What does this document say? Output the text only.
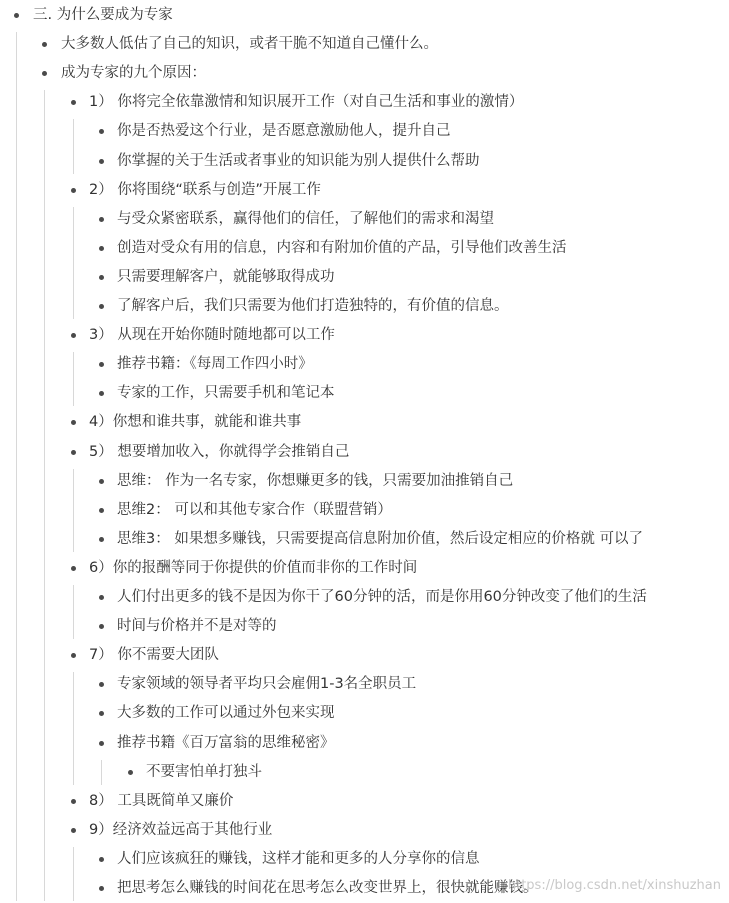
三. 为什么要成为专家
大多数人低估了自己的知识，或者干脆不知道自己懂什么。
成为专家的九个原因：
1） 你将完全依靠激情和知识展开工作（对自己生活和事业的激情）
你是否热爱这个行业，是否愿意激励他人，提升自己
你掌握的关于生活或者事业的知识能为别人提供什么帮助
2） 你将围绕“联系与创造”开展工作
与受众紧密联系，赢得他们的信任，了解他们的需求和渴望
创造对受众有用的信息，内容和有附加价值的产品，引导他们改善生活
只需要理解客户，就能够取得成功
了解客户后，我们只需要为他们打造独特的，有价值的信息。
3） 从现在开始你随时随地都可以工作
推荐书籍：《每周工作四小时》
专家的工作，只需要手机和笔记本
4）你想和谁共事，就能和谁共事
5） 想要增加收入，你就得学会推销自己
思维： 作为一名专家，你想赚更多的钱，只需要加油推销自己
思维2： 可以和其他专家合作（联盟营销）
思维3： 如果想多赚钱，只需要提高信息附加价值，然后设定相应的价格就 可以了
6）你的报酬等同于你提供的价值而非你的工作时间
人们付出更多的钱不是因为你干了60分钟的活，而是你用60分钟改变了他们的生活
时间与价格并不是对等的
7） 你不需要大团队
专家领域的领导者平均只会雇佣1-3名全职员工
大多数的工作可以通过外包来实现
推荐书籍《百万富翁的思维秘密》
不要害怕单打独斗
8） 工具既简单又廉价
9）经济效益远高于其他行业
人们应该疯狂的赚钱，这样才能和更多的人分享你的信息
把思考怎么赚钱的时间花在思考怎么改变世界上，很快就能赚钱。
https://blog.csdn.net/xinshuzhan
